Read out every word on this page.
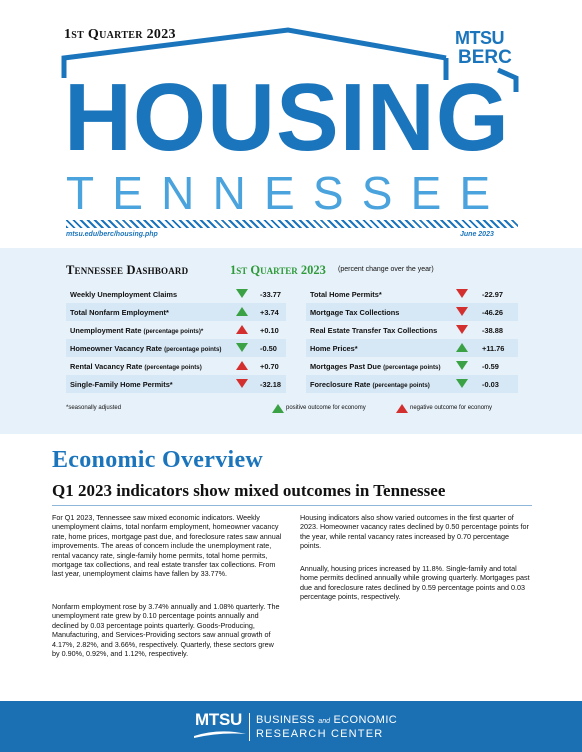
1st Quarter 2023	MTSU
BERC
HOUSING
TENNESSEE
mtsu.edu/berc/housing.php	June 2023
Tennessee Dashboard	1st Quarter 2023 (percent change over the year)
Weekly Unemployment Claims	-33.77
Total Nonfarm Employment*	+3.74
Unemployment Rate (percentage points)*	+0.10
Homeowner Vacancy Rate (percentage points)	-0.50
Rental Vacancy Rate (percentage points)	+0.70
Single-Family Home Permits*	-32.18
Total Home Permits*	-22.97
Mortgage Tax Collections	-46.26
Real Estate Transfer Tax Collections	-38.88
Home Prices*	+11.76
Mortgages Past Due (percentage points)	-0.59
Foreclosure Rate (percentage points)	-0.03
*seasonally adjusted	positive outcome for economy	negative outcome for economy
Economic Overview
Q1 2023 indicators show mixed outcomes in Tennessee
For Q1 2023, Tennessee saw mixed economic indicators. Weekly unemployment claims, total nonfarm employment, homeowner vacancy rate, home prices, mortgage past due, and foreclosure rates saw annual improvements. The areas of concern include the unemployment rate, rental vacancy rate, single-family home permits, total home permits, mortgage tax collections, and real estate transfer tax collections. From last year, unemployment claims have fallen by 33.77%.
Nonfarm employment rose by 3.74% annually and 1.08% quarterly. The unemployment rate grew by 0.10 percentage points annually and declined by 0.03 percentage points quarterly. Goods-Producing, Manufacturing, and Services-Providing sectors saw annual growth of 4.17%, 2.82%, and 3.66%, respectively. Quarterly, these sectors grew by 0.90%, 0.92%, and 1.12%, respectively.
Housing indicators also show varied outcomes in the first quarter of 2023. Homeowner vacancy rates declined by 0.50 percentage points for the year, while rental vacancy rates increased by 0.70 percentage points.
Annually, housing prices increased by 11.8%. Single-family and total home permits declined annually while growing quarterly. Mortgages past due and foreclosure rates declined by 0.59 percentage points and 0.03 percentage points, respectively.
MTSU BUSINESS and ECONOMIC
RESEARCH CENTER
